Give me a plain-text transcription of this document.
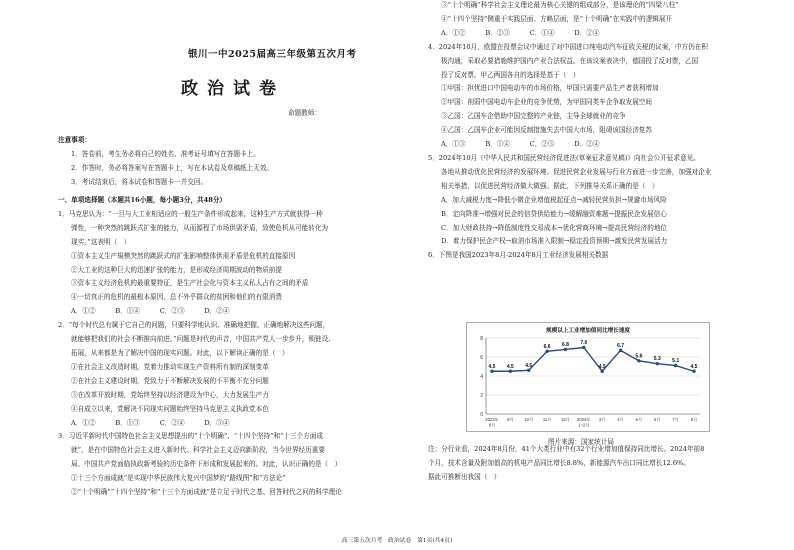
银川一中2025届高三年级第五次月考
政治试卷
命题教师：
注意事项：
1．答卷前，考生务必将自己的姓名、准考证号填写在答题卡上。
2．作答时，务必将答案写在答题卡上，写在本试卷及草稿纸上无效。
3．考试结束后，将本试卷和答题卡一并交回。
一、单项选择题（本题共16小题，每小题3分，共48分）
1．马克思认为：“一旦与大工业相适应的一般生产条件形成起来，这种生产方式就获得一种
弹性，一种突然的跳跃式扩张的能力，从而源程了市场供需矛盾，致使危机从可能转化为
现实。”这表明（　）
①资本主义生产規模突然的跳跃式的扩张影响整体供需矛盾是危机的直接原因
②大工业的这种巨大的迅速扩张的能力，是形成经济周期波动的物质前提
③资本主义经济危机的最重要特征，是生产社会化与资本主义私人占有之间的矛盾
④一切真正的危机的最根本原因，总不外乎群众的贫困和他们的有限消费
A．①②　　　B．①④　　　C．②③　　　D．②④
2．“每个时代总有属于它自己的问题，只要科学地认识、准确地把握、正确地解决这些问题，
就能够把我们的社会不断推向前进。”问题是时代的声音，中国共产党人一步步升，锁链设、
拓展，从来都是为了解决中国的现实问题。对此，以下解读正确的是（　）
①在社会主义改造时期，党着力推动实现生产资料所有制的深刻变革
②在社会主义建设时期，党致力于不断解决发展的不平衡不充分问题
③在改革开放时期，党始终坚持以经济建设为中心，大力发展生产力
④自成立以来，党解决不同现实问题始终坚持马克思主义执政党本色
A．①②　　　B．①③　　　C．②④　　　D．③④
3．习近平新时代中国特色社会主义思想提出的“十个明确”、“十四个坚持”和“十三个方面成
就”，是在中国特色社会主义进入新时代、科学社会主义迈向新阶段，当今世界经历重要
局、中国共产党面临执政新考验的历史条件下形成和发展起来的。对此，认识正确的是（　）
①十三个方面成就”是实现中华民族伟大复兴中国梦的“路线图”和“方法论”
②“十个明确”“十四个坚持”和“十三个方面成就”是立足于时代之基、回答时代之问的科学理论
③“十个明确”科学社会主义理论最为核心关键的组成部分，是该理论的“四梁八柱”
④“十四个坚持”侧重于实践层面、方略层面，是“十个明确”在实践中的逻辑展开
A．①②　　　B．②③　　　C．①④　　　D．②④
4．2024年10月，欧盟在投票会议中通过了对中国进口纯电动汽车征收关税的议案，中方仍在积
极沟通，采取必要措施维护国内产业合法权益。在该议案表决中，德国投了反对票，乙国
投了反对票。甲乙两国各自的选择是基于（　）
①甲国：担忧进口中国电动车的市场价格，甲国只需要产品生产者获利增加
②甲国：削弱中国电动车企业的竞争优势，为甲国同类车企争取发展空间
③乙国：乙国车企借助中国完整的产业链，主导全球就业的竞争
④乙国：乙国车企业可能因反制措施失去中国大市场，阻碍该国经济复苏
A．①③　　　B．①④　　　C．②③　　　D．②④
5．2024年10月《中华人民共和国民营经济促进法(草案征求意见稿)》向社会公开征求意见。
各地从推动优化民营经济的发展环境、促进民营企业发展与行业方面进一步完善，加强对企业
相关举措，以促进民营经济做大做强。据此，下列推导关系正确的是（　）
A．加大减税力度→降低小微企业增值税起征点→减轻民营负担→规避市场风险
B．定向降准→增强对民企的信贷供给能力→缓解融资难题→提振民企发展信心
C．加大财政扶持→降低制度性交易成本→优化营商环境→提高民营经济的地位
D．着力保护民企产权→取消市场准入限制→稳定投资预期→激发民营发展活力
6．下图是我国2023年8月-2024年8月工业经济发展相关数据
规模以上工业增加值同比增长速度
0
2
4
6
8
4.5 4.5 4.6
6.6 6.8 7.0
4.5
6.7
5.6 5.3 5.1
4.5
2023年
8月
9月	10月 11月 12月 2024年
1~2月
3月	4月	5月	6月	7月	8月
图片来源：国家统计局
注：分行业看，2024年8月份，41个大类行业中有32个行业增加值保持同比增长。2024年前8
个月，技术含量及附加值高的机电产品同比增长8.8%，新能源汽车出口同比增长12.6%。
据此可推断出我国（　）
高三第五次月考　政治试卷　第1页(共4页)
